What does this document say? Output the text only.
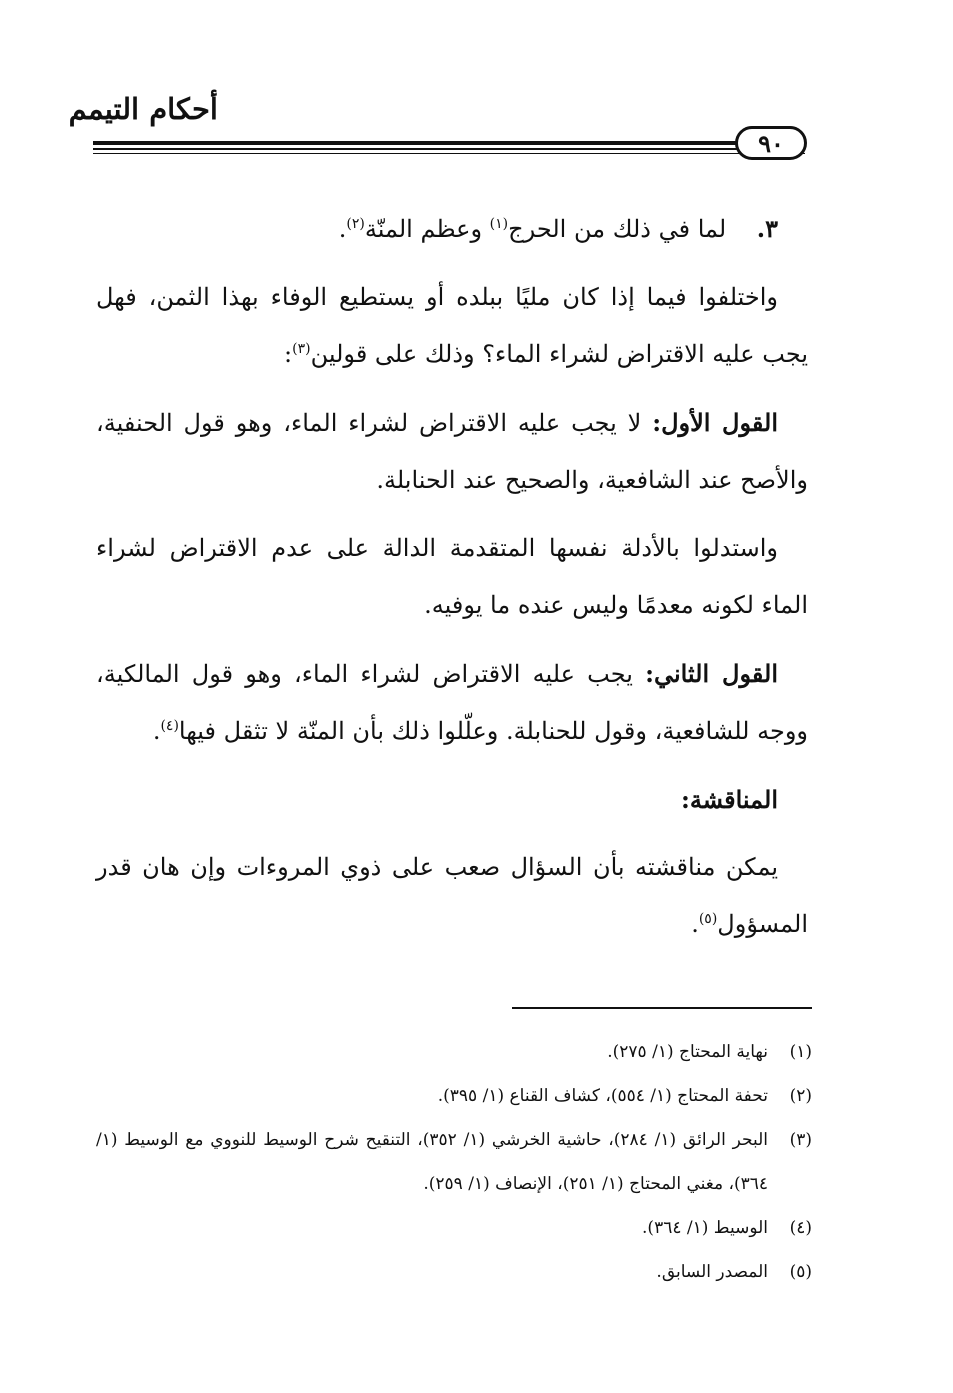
أحكام التيمم
٩٠

٣.    لما في ذلك من الحرج$^{(١)}$ وعظم المنّة$^{(٢)}$.

واختلفوا فيما إذا كان مليًا ببلده أو يستطيع الوفاء بهذا الثمن، فهل يجب عليه الاقتراض لشراء الماء؟ وذلك على قولين$^{(٣)}$:

القول الأول: لا يجب عليه الاقتراض لشراء الماء، وهو قول الحنفية، والأصح عند الشافعية، والصحيح عند الحنابلة.

واستدلوا بالأدلة نفسها المتقدمة الدالة على عدم الاقتراض لشراء الماء لكونه معدمًا وليس عنده ما يوفيه.

القول الثاني: يجب عليه الاقتراض لشراء الماء، وهو قول المالكية، ووجه للشافعية، وقول للحنابلة. وعلّلوا ذلك بأن المنّة لا تثقل فيها$^{(٤)}$.

المناقشة:

يمكن مناقشته بأن السؤال صعب على ذوي المروءات وإن هان قدر المسؤول$^{(٥)}$.

(١)
نهاية المحتاج (١/ ٢٧٥).
(٢)
تحفة المحتاج (١/ ٥٥٤)، كشاف القناع (١/ ٣٩٥).
(٣)
البحر الرائق (١/ ٢٨٤)، حاشية الخرشي (١/ ٣٥٢)، التنقيح شرح الوسيط للنووي مع الوسيط (١/ ٣٦٤)، مغني المحتاج (١/ ٢٥١)، الإنصاف (١/ ٢٥٩).
(٤)
الوسيط (١/ ٣٦٤).
(٥)
المصدر السابق.
